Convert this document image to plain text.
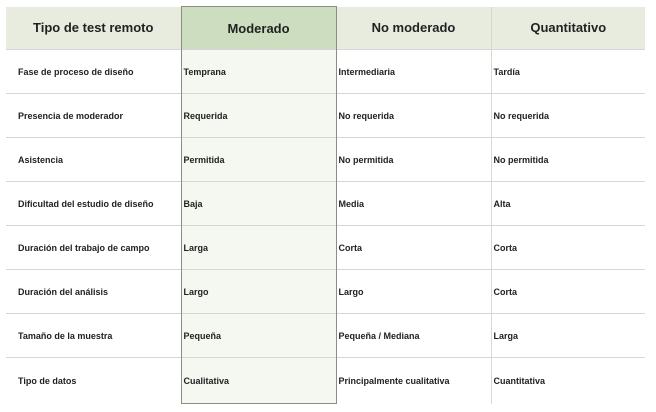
Tipo de test remoto	Moderado	No moderado	Quantitativo
Fase de proceso de diseño	Temprana	Intermediaria	Tardía
Presencia de moderador	Requerida	No requerida	No requerida
Asistencia	Permitida	No permitida	No permitida
Dificultad del estudio de diseño	Baja	Media	Alta
Duración del trabajo de campo	Larga	Corta	Corta
Duración del análisis	Largo	Largo	Corta
Tamaño de la muestra	Pequeña	Pequeña / Mediana	Larga
Tipo de datos	Cualitativa	Principalmente cualitativa	Cuantitativa
